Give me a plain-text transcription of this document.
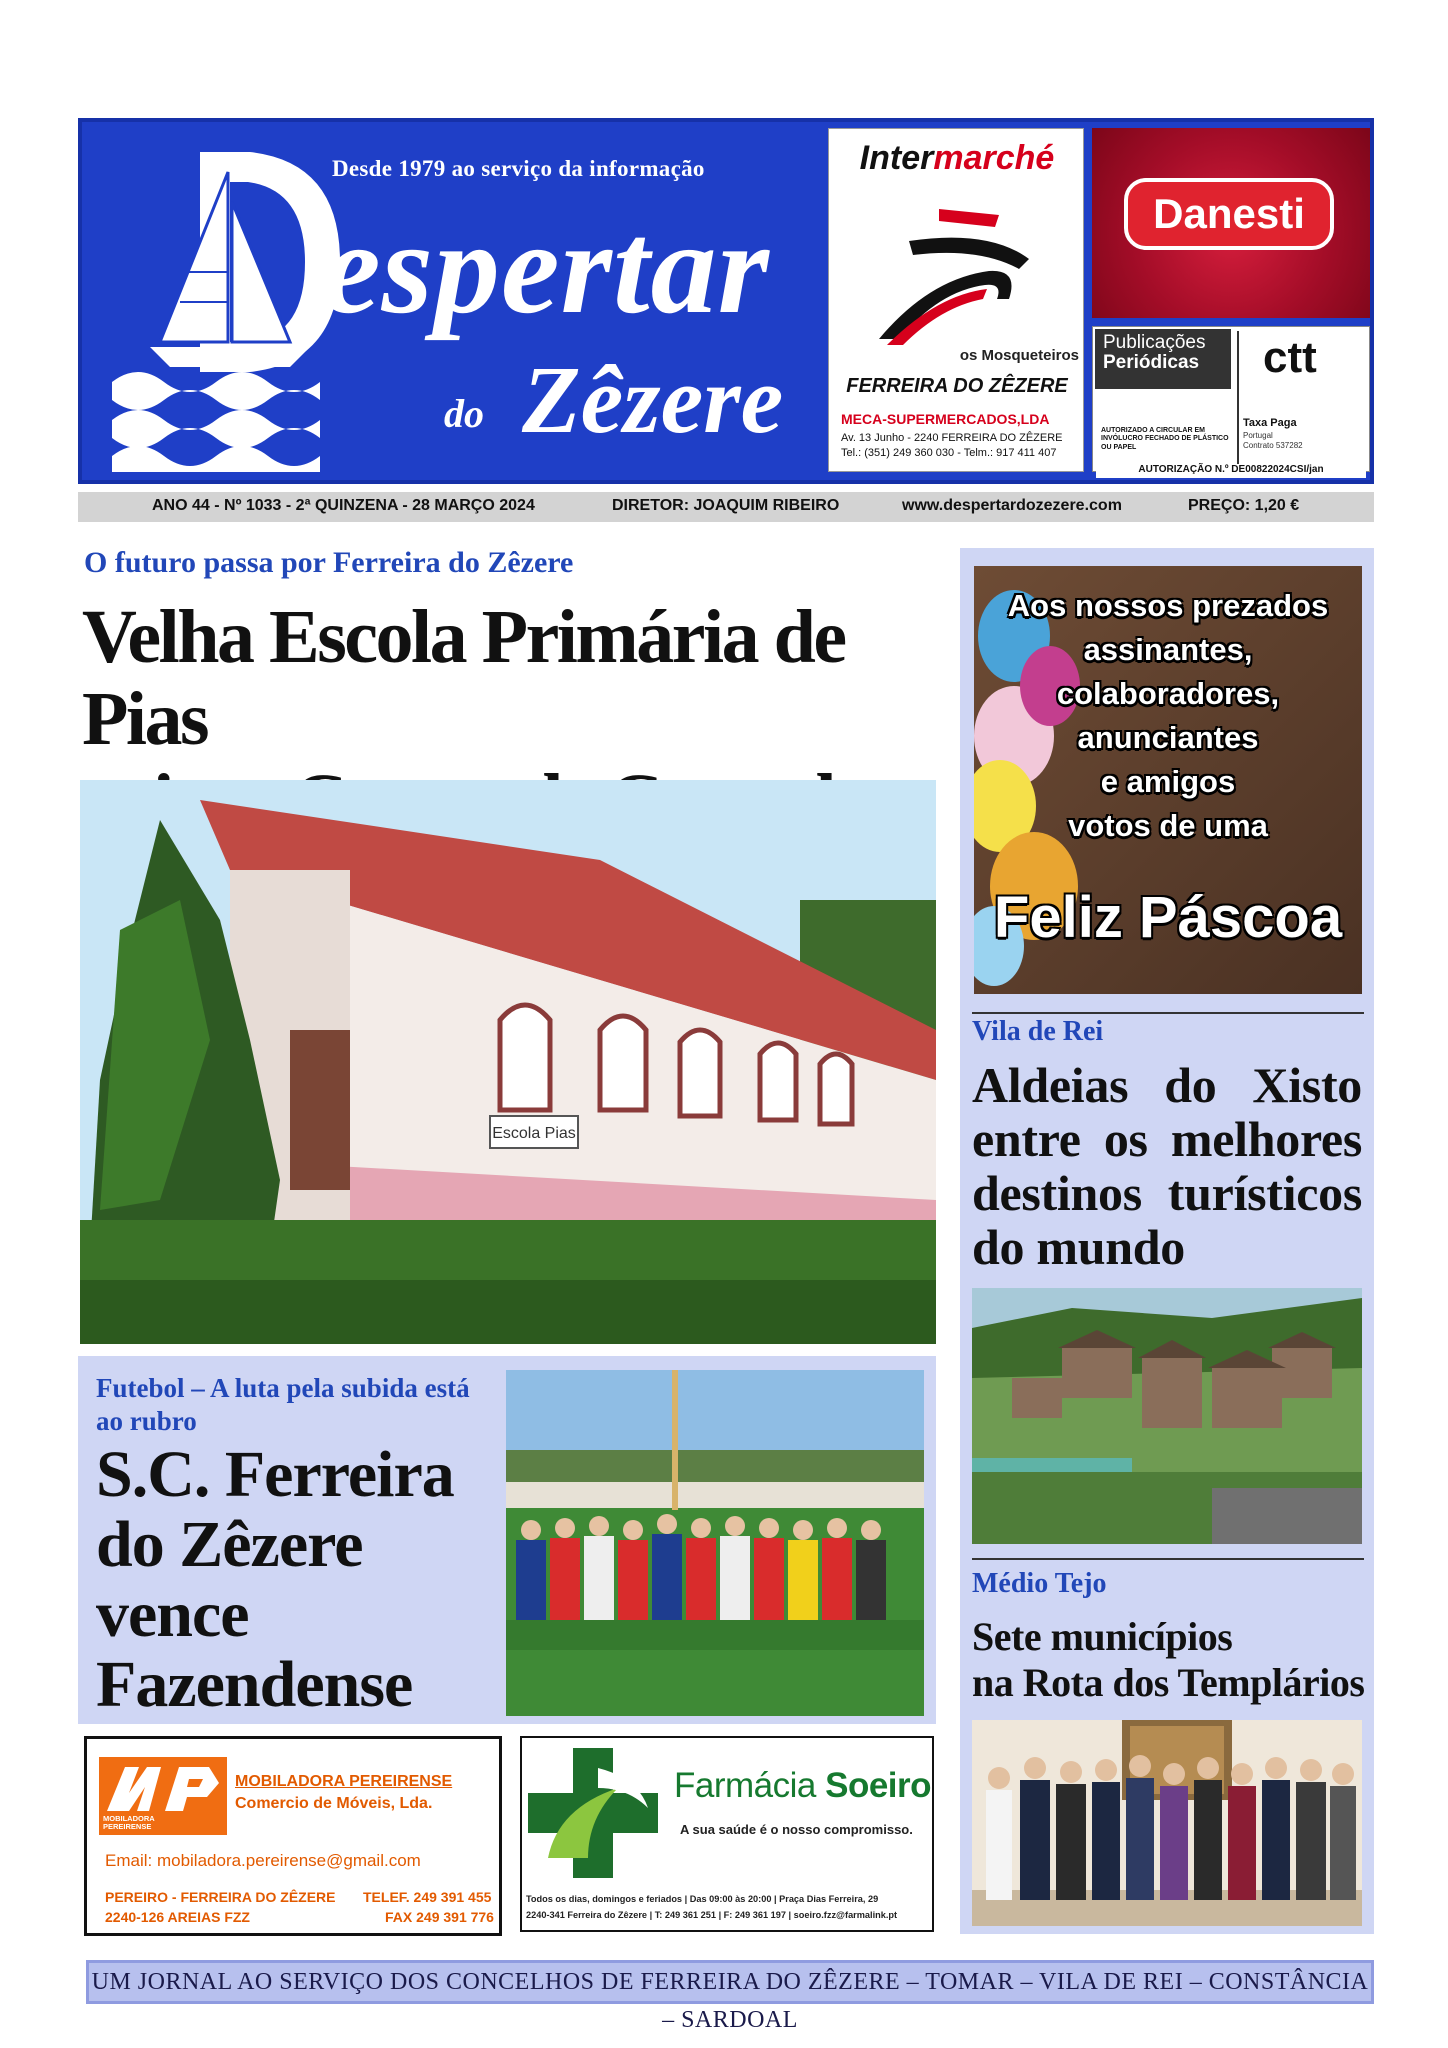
Desde 1979 ao serviço da informação
espertar
do Zêzere
Intermarché
os Mosqueteiros
FERREIRA DO ZÊZERE
MECA-SUPERMERCADOS,LDA
Av. 13 Junho - 2240 FERREIRA DO ZÊZERE
Tel.: (351) 249 360 030 - Telm.: 917 411 407
Danesti
Publicações
Periódicas
AUTORIZADO A CIRCULAR EM INVÓLUCRO FECHADO DE PLÁSTICO OU PAPEL
ctt
Taxa Paga
Portugal
Contrato 537282
AUTORIZAÇÃO N.º DE00822024CSI/jan
ANO 44 - Nº 1033 - 2ª QUINZENA - 28 MARÇO 2024	DIRETOR: JOAQUIM RIBEIRO	www.despertardozezere.com	PREÇO: 1,20 €
O futuro passa por Ferreira do Zêzere
Velha Escola Primária de Pias
Escola Pias
Futebol – A luta pela subida está ao rubro
S.C. Ferreira do Zêzere vence Fazendense
Aos nossos prezados
assinantes,
colaboradores,
anunciantes
e amigos
votos de uma
Feliz Páscoa
Vila de Rei
Aldeias do Xisto entre os melhores destinos turísticos do mundo
Médio Tejo
Sete municípios
na Rota dos Templários
MOBILADORA PEREIRENSE
MOBILADORA PEREIRENSE
Comercio de Móveis, Lda.
Email: mobiladora.pereirense@gmail.com
PEREIRO - FERREIRA DO ZÊZERE
2240-126 AREIAS FZZ
TELEF. 249 391 455
FAX 249 391 776
Farmácia Soeiro
A sua saúde é o nosso compromisso.
Todos os dias, domingos e feriados | Das 09:00 às 20:00 | Praça Dias Ferreira, 29
2240-341 Ferreira do Zêzere | T: 249 361 251 | F: 249 361 197 | soeiro.fzz@farmalink.pt
UM JORNAL AO SERVIÇO DOS CONCELHOS DE FERREIRA DO ZÊZERE – TOMAR – VILA DE REI – CONSTÂNCIA – SARDOAL
